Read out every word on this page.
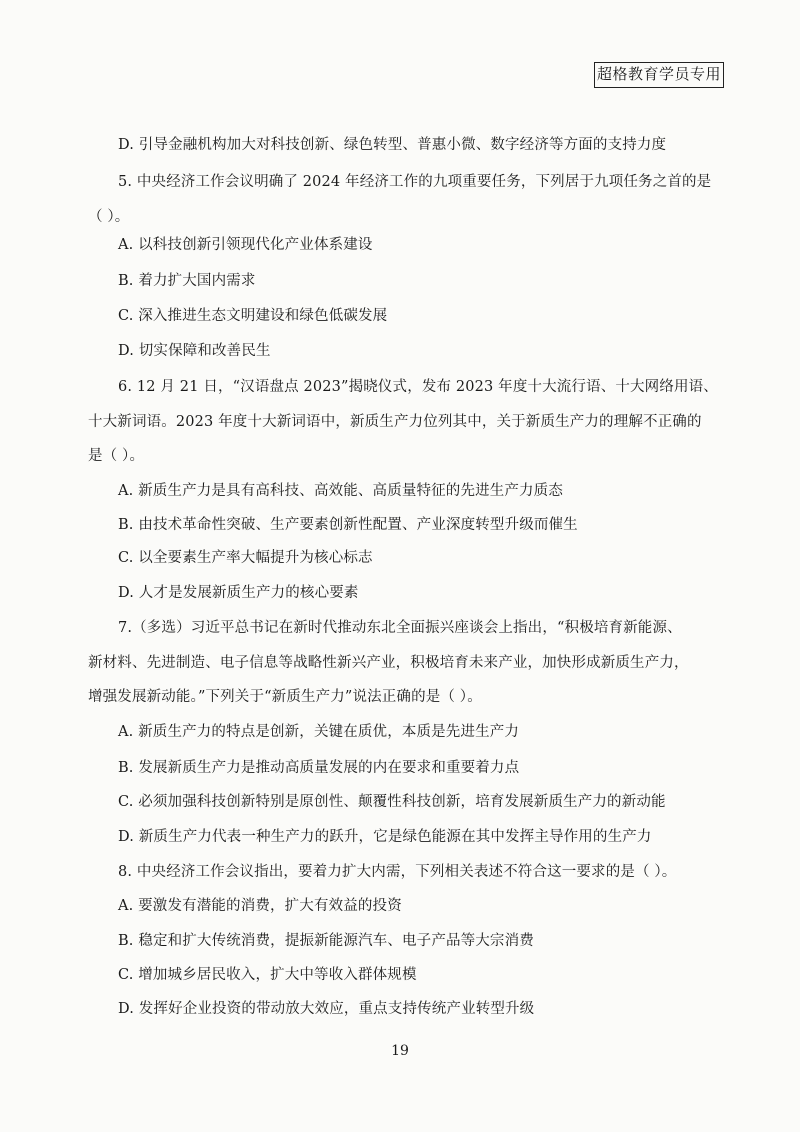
超格教育学员专用
D. 引导金融机构加大对科技创新、绿色转型、普惠小微、数字经济等方面的支持力度
5. 中央经济工作会议明确了 2024 年经济工作的九项重要任务，下列居于九项任务之首的是
（ ）。
A. 以科技创新引领现代化产业体系建设
B. 着力扩大国内需求
C. 深入推进生态文明建设和绿色低碳发展
D. 切实保障和改善民生
6. 12 月 21 日，“汉语盘点 2023”揭晓仪式，发布 2023 年度十大流行语、十大网络用语、
十大新词语。2023 年度十大新词语中，新质生产力位列其中，关于新质生产力的理解不正确的
是（ ）。
A. 新质生产力是具有高科技、高效能、高质量特征的先进生产力质态
B. 由技术革命性突破、生产要素创新性配置、产业深度转型升级而催生
C. 以全要素生产率大幅提升为核心标志
D. 人才是发展新质生产力的核心要素
7.（多选）习近平总书记在新时代推动东北全面振兴座谈会上指出，“积极培育新能源、
新材料、先进制造、电子信息等战略性新兴产业，积极培育未来产业，加快形成新质生产力，
增强发展新动能。”下列关于“新质生产力”说法正确的是（ ）。
A. 新质生产力的特点是创新，关键在质优，本质是先进生产力
B. 发展新质生产力是推动高质量发展的内在要求和重要着力点
C. 必须加强科技创新特别是原创性、颠覆性科技创新，培育发展新质生产力的新动能
D. 新质生产力代表一种生产力的跃升，它是绿色能源在其中发挥主导作用的生产力
8. 中央经济工作会议指出，要着力扩大内需，下列相关表述不符合这一要求的是（ ）。
A. 要激发有潜能的消费，扩大有效益的投资
B. 稳定和扩大传统消费，提振新能源汽车、电子产品等大宗消费
C. 增加城乡居民收入，扩大中等收入群体规模
D. 发挥好企业投资的带动放大效应，重点支持传统产业转型升级
19
